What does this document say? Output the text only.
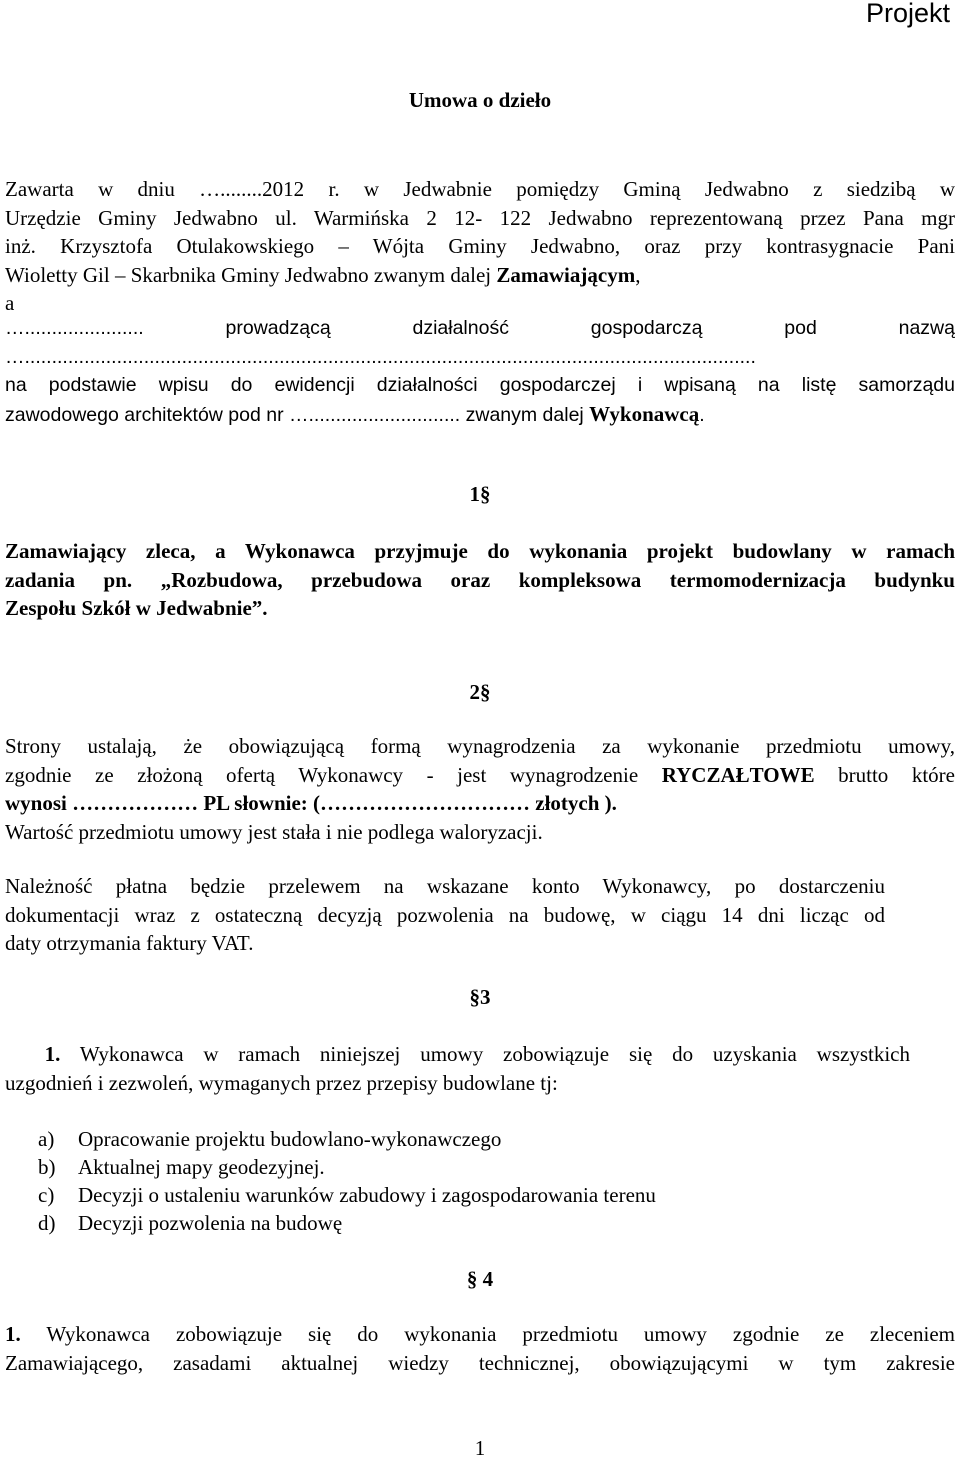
Projekt
Umowa o dzieło
Zawarta w dniu …........2012 r. w Jedwabnie pomiędzy Gminą Jedwabno z siedzibą w
Urzędzie Gminy Jedwabno ul. Warmińska 2 12- 122 Jedwabno reprezentowaną przez Pana mgr
inż. Krzysztofa Otulakowskiego – Wójta Gminy Jedwabno, oraz przy kontrasygnacie Pani
Wioletty Gil – Skarbnika Gminy Jedwabno zwanym dalej Zamawiającym,
a
…...................... prowadzącą działalność gospodarczą pod nazwą
….......................................................................................................................................
na podstawie wpisu do ewidencji działalności gospodarczej i wpisaną na listę samorządu
zawodowego architektów pod nr …............................ zwanym dalej Wykonawcą.
1§
Zamawiający zleca, a Wykonawca przyjmuje do wykonania projekt budowlany w ramach
zadania pn. „Rozbudowa, przebudowa oraz kompleksowa termomodernizacja budynku
Zespołu Szkół w Jedwabnie”.
2§
Strony ustalają, że obowiązującą formą wynagrodzenia za wykonanie przedmiotu umowy,
zgodnie ze złożoną ofertą Wykonawcy - jest wynagrodzenie RYCZAŁTOWE brutto które
wynosi ……………… PL słownie: (………………………… złotych ).
Wartość przedmiotu umowy jest stała i nie podlega waloryzacji.
Należność płatna będzie przelewem na wskazane konto Wykonawcy, po dostarczeniu
dokumentacji wraz z ostateczną decyzją pozwolenia na budowę, w ciągu 14 dni licząc od
daty otrzymania faktury VAT.
§3
1. Wykonawca w ramach niniejszej umowy zobowiązuje się do uzyskania wszystkich
uzgodnień i zezwoleń, wymaganych przez przepisy budowlane tj:
a) Opracowanie projektu budowlano-wykonawczego
b) Aktualnej mapy geodezyjnej.
c) Decyzji o ustaleniu warunków zabudowy i zagospodarowania terenu
d) Decyzji pozwolenia na budowę
§ 4
1. Wykonawca zobowiązuje się do wykonania przedmiotu umowy zgodnie ze zleceniem
Zamawiającego, zasadami aktualnej wiedzy technicznej, obowiązującymi w tym zakresie
1
